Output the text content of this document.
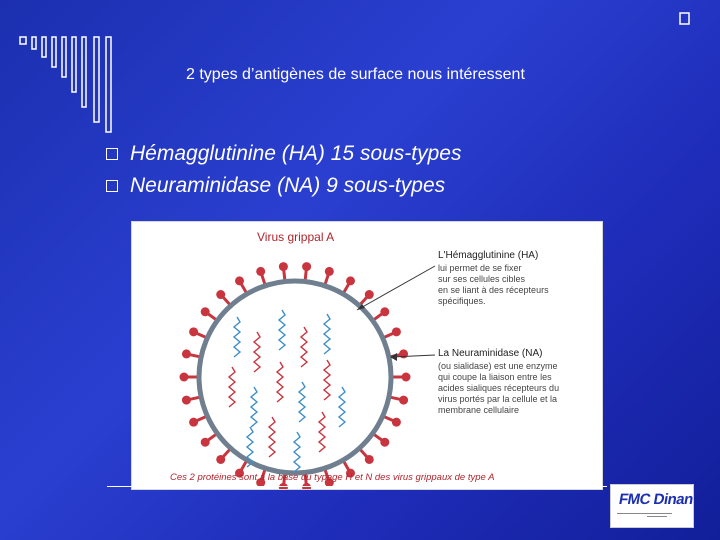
2 types d’antigènes de surface nous intéressent
Hémagglutinine (HA) 15 sous-types
Neuraminidase (NA) 9 sous-types
Virus grippal A
L'Hémagglutinine (HA)
lui permet de se fixer
sur ses cellules cibles
en se liant à des récepteurs
spécifiques.
La Neuraminidase (NA)
(ou sialidase) est une enzyme
qui coupe la liaison entre les
acides sialiques récepteurs du
virus portés par la cellule et la
membrane cellulaire
Ces 2 protéines sont à la base du typage H et N des virus grippaux de type A
FMC Dinan
